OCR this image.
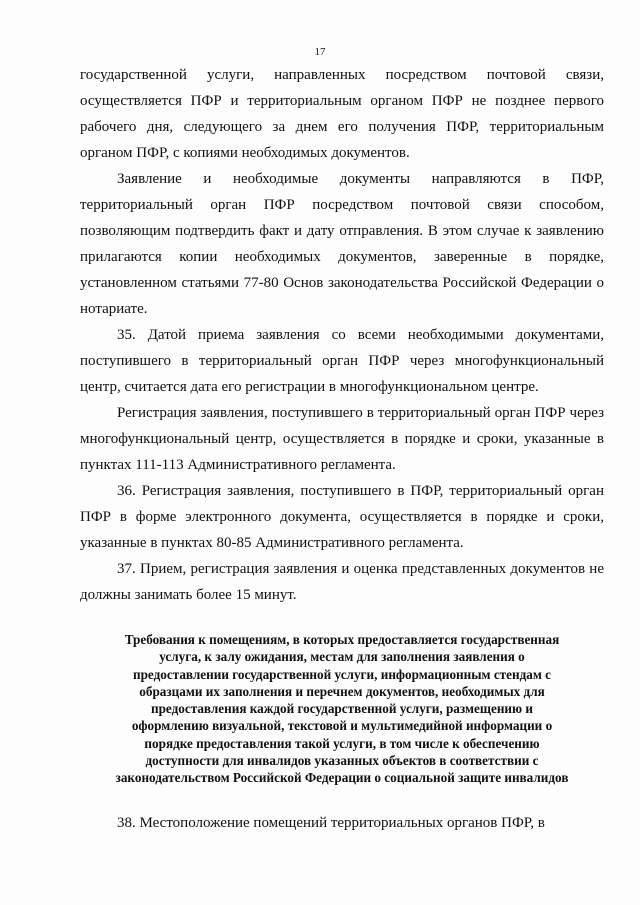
17

государственной услуги, направленных посредством почтовой связи, осуществляется ПФР и территориальным органом ПФР не позднее первого рабочего дня, следующего за днем его получения ПФР, территориальным органом ПФР, с копиями необходимых документов.

Заявление и необходимые документы направляются в ПФР, территориальный орган ПФР посредством почтовой связи способом, позволяющим подтвердить факт и дату отправления. В этом случае к заявлению прилагаются копии необходимых документов, заверенные в порядке, установленном статьями 77-80 Основ законодательства Российской Федерации о нотариате.

35. Датой приема заявления со всеми необходимыми документами, поступившего в территориальный орган ПФР через многофункциональный центр, считается дата его регистрации в многофункциональном центре.

Регистрация заявления, поступившего в территориальный орган ПФР через многофункциональный центр, осуществляется в порядке и сроки, указанные в пунктах 111-113 Административного регламента.

36. Регистрация заявления, поступившего в ПФР, территориальный орган ПФР в форме электронного документа, осуществляется в порядке и сроки, указанные в пунктах 80-85 Административного регламента.

37. Прием, регистрация заявления и оценка представленных документов не должны занимать более 15 минут.

Требования к помещениям, в которых предоставляется государственная
услуга, к залу ожидания, местам для заполнения заявления о
предоставлении государственной услуги, информационным стендам с
образцами их заполнения и перечнем документов, необходимых для
предоставления каждой государственной услуги, размещению и
оформлению визуальной, текстовой и мультимедийной информации о
порядке предоставления такой услуги, в том числе к обеспечению
доступности для инвалидов указанных объектов в соответствии с
законодательством Российской Федерации о социальной защите инвалидов

38. Местоположение помещений территориальных органов ПФР, в
